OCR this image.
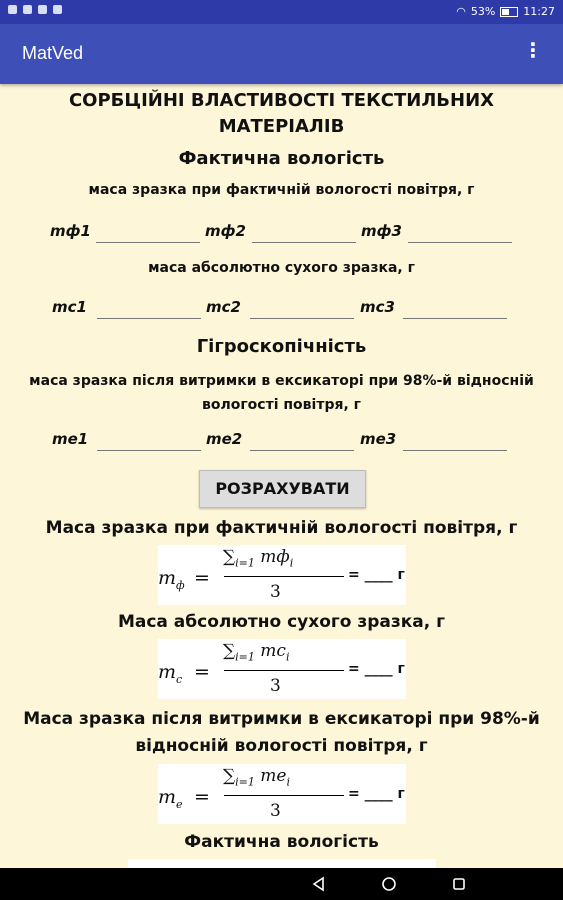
◠ 53%	11:27
MatVed	⋮
СОРБЦІЙНІ ВЛАСТИВОСТІ ТЕКСТИЛЬНИХ МАТЕРІАЛІВ
Фактична вологість
маса зразка при фактичній вологості повітря, г
mф1	mф2	mф3
маса абсолютно сухого зразка, г
mс1	mс2	mс3
Гігроскопічність
маса зразка після витримки в ексикаторі при 98%-й відносній вологості повітря, г
mе1	mе2	mе3
РОЗРАХУВАТИ
Маса зразка при фактичній вологості повітря, г
$m_ф$ =
$\sum_{i=1}$ $mф_i$
3
= ____ г
Маса абсолютно сухого зразка, г
$m_с$ =
$\sum_{i=1}$ $mс_i$
3
= ____ г
Маса зразка після витримки в ексикаторі при 98%-й відносній вологості повітря, г
$m_е$ =
$\sum_{i=1}$ $mе_i$
3
= ____ г
Фактична вологість
